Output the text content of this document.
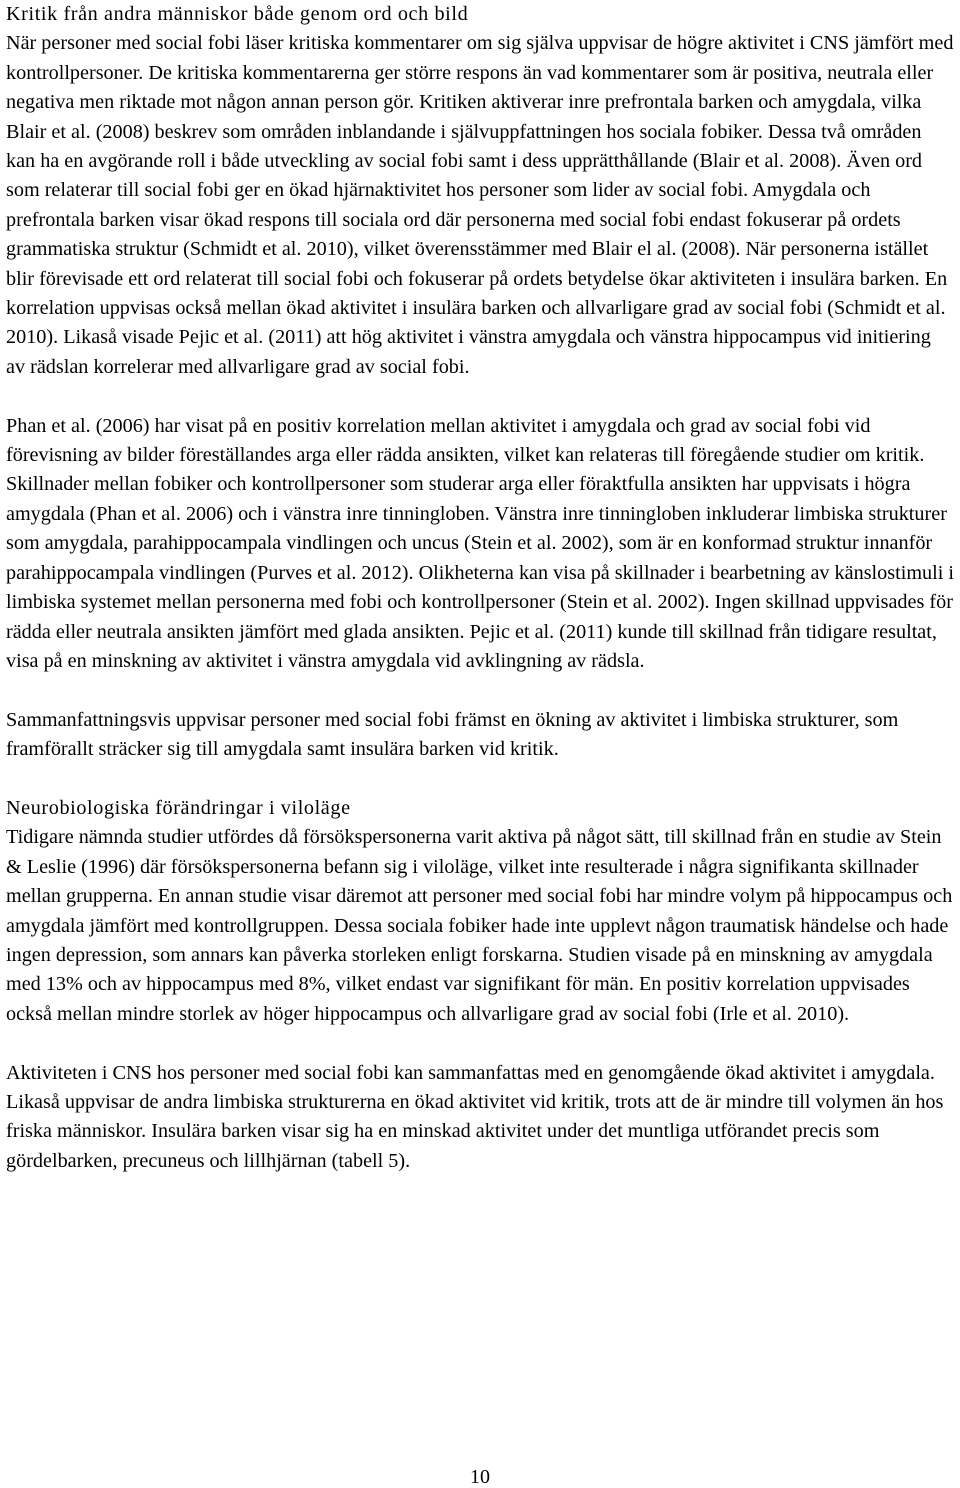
Kritik från andra människor både genom ord och bild

När personer med social fobi läser kritiska kommentarer om sig själva uppvisar de högre aktivitet i CNS jämfört med kontrollpersoner. De kritiska kommentarerna ger större respons än vad kommentarer som är positiva, neutrala eller negativa men riktade mot någon annan person gör. Kritiken aktiverar inre prefrontala barken och amygdala, vilka Blair et al. (2008) beskrev som områden inblandande i självuppfattningen hos sociala fobiker. Dessa två områden kan ha en avgörande roll i både utveckling av social fobi samt i dess upprätthållande (Blair et al. 2008). Även ord som relaterar till social fobi ger en ökad hjärnaktivitet hos personer som lider av social fobi. Amygdala och prefrontala barken visar ökad respons till sociala ord där personerna med social fobi endast fokuserar på ordets grammatiska struktur (Schmidt et al. 2010), vilket överensstämmer med Blair el al. (2008). När personerna istället blir förevisade ett ord relaterat till social fobi och fokuserar på ordets betydelse ökar aktiviteten i insulära barken. En korrelation uppvisas också mellan ökad aktivitet i insulära barken och allvarligare grad av social fobi (Schmidt et al. 2010). Likaså visade Pejic et al. (2011) att hög aktivitet i vänstra amygdala och vänstra hippocampus vid initiering av rädslan korrelerar med allvarligare grad av social fobi.

Phan et al. (2006) har visat på en positiv korrelation mellan aktivitet i amygdala och grad av social fobi vid förevisning av bilder föreställandes arga eller rädda ansikten, vilket kan relateras till föregående studier om kritik. Skillnader mellan fobiker och kontrollpersoner som studerar arga eller föraktfulla ansikten har uppvisats i högra amygdala (Phan et al. 2006) och i vänstra inre tinningloben. Vänstra inre tinningloben inkluderar limbiska strukturer som amygdala, parahippocampala vindlingen och uncus (Stein et al. 2002), som är en konformad struktur innanför parahippocampala vindlingen (Purves et al. 2012). Olikheterna kan visa på skillnader i bearbetning av känslostimuli i limbiska systemet mellan personerna med fobi och kontrollpersoner (Stein et al. 2002). Ingen skillnad uppvisades för rädda eller neutrala ansikten jämfört med glada ansikten. Pejic et al. (2011) kunde till skillnad från tidigare resultat, visa på en minskning av aktivitet i vänstra amygdala vid avklingning av rädsla.

Sammanfattningsvis uppvisar personer med social fobi främst en ökning av aktivitet i limbiska strukturer, som framförallt sträcker sig till amygdala samt insulära barken vid kritik.

Neurobiologiska förändringar i viloläge

Tidigare nämnda studier utfördes då försökspersonerna varit aktiva på något sätt, till skillnad från en studie av Stein & Leslie (1996) där försökspersonerna befann sig i viloläge, vilket inte resulterade i några signifikanta skillnader mellan grupperna. En annan studie visar däremot att personer med social fobi har mindre volym på hippocampus och amygdala jämfört med kontrollgruppen. Dessa sociala fobiker hade inte upplevt någon traumatisk händelse och hade ingen depression, som annars kan påverka storleken enligt forskarna. Studien visade på en minskning av amygdala med 13% och av hippocampus med 8%, vilket endast var signifikant för män. En positiv korrelation uppvisades också mellan mindre storlek av höger hippocampus och allvarligare grad av social fobi (Irle et al. 2010).

Aktiviteten i CNS hos personer med social fobi kan sammanfattas med en genomgående ökad aktivitet i amygdala. Likaså uppvisar de andra limbiska strukturerna en ökad aktivitet vid kritik, trots att de är mindre till volymen än hos friska människor. Insulära barken visar sig ha en minskad aktivitet under det muntliga utförandet precis som gördelbarken, precuneus och lillhjärnan (tabell 5).

10
